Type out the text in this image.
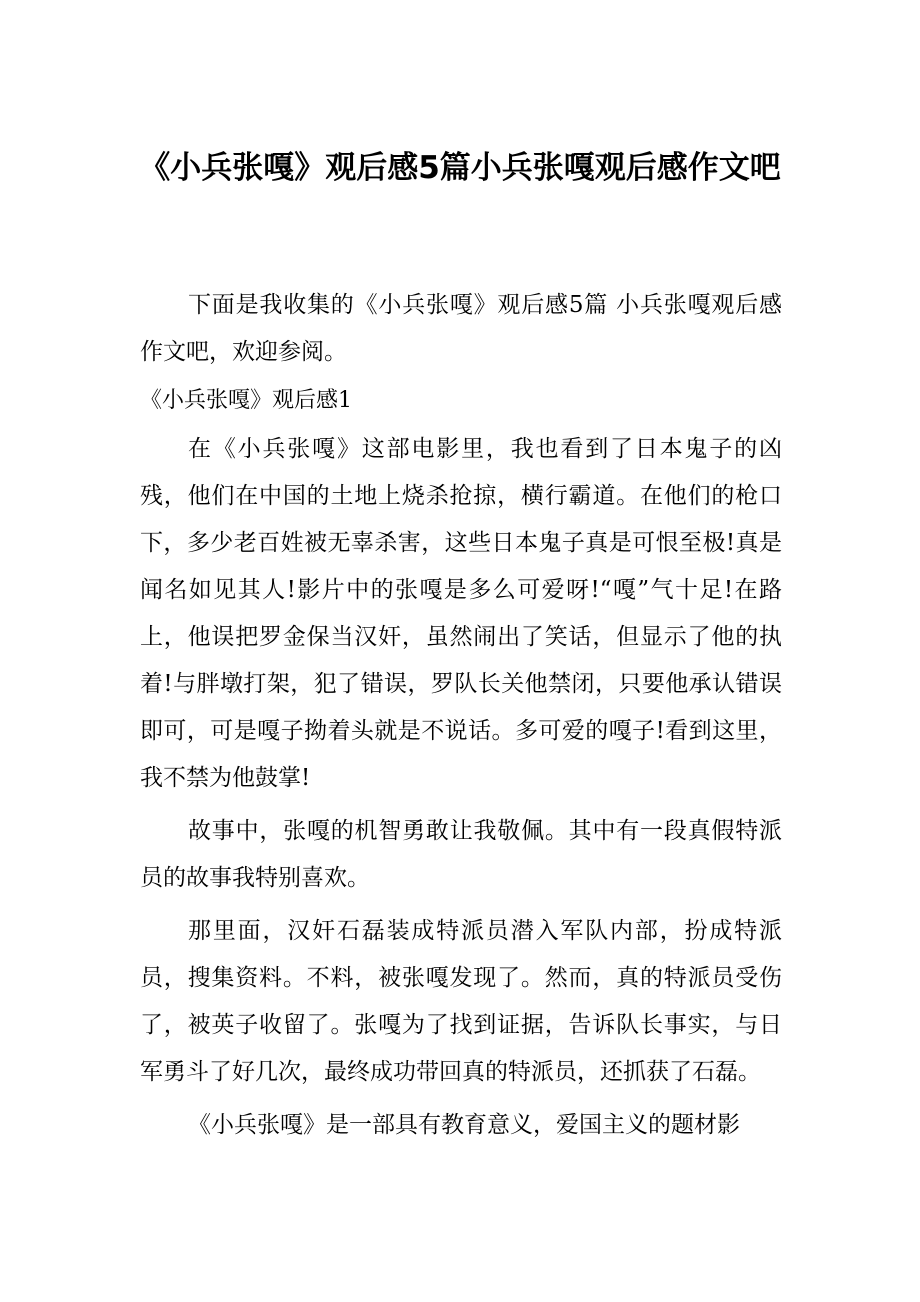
《小兵张嘎》观后感5篇小兵张嘎观后感作文吧

下面是我收集的《小兵张嘎》观后感5篇 小兵张嘎观后感作文吧，欢迎参阅。

《小兵张嘎》观后感1

在《小兵张嘎》这部电影里，我也看到了日本鬼子的凶残，他们在中国的土地上烧杀抢掠，横行霸道。在他们的枪口下，多少老百姓被无辜杀害，这些日本鬼子真是可恨至极!真是闻名如见其人!影片中的张嘎是多么可爱呀!“嘎”气十足!在路上，他误把罗金保当汉奸，虽然闹出了笑话，但显示了他的执着!与胖墩打架，犯了错误，罗队长关他禁闭，只要他承认错误即可，可是嘎子拗着头就是不说话。多可爱的嘎子!看到这里，我不禁为他鼓掌!

故事中，张嘎的机智勇敢让我敬佩。其中有一段真假特派员的故事我特别喜欢。

那里面，汉奸石磊装成特派员潜入军队内部，扮成特派员，搜集资料。不料，被张嘎发现了。然而，真的特派员受伤了，被英子收留了。张嘎为了找到证据，告诉队长事实，与日军勇斗了好几次，最终成功带回真的特派员，还抓获了石磊。

《小兵张嘎》是一部具有教育意义，爱国主义的题材影
